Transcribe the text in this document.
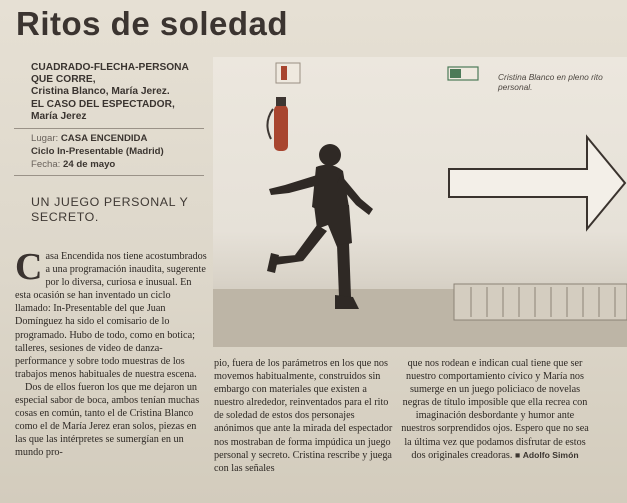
Ritos de soledad
CUADRADO-FLECHA-PERSONA
QUE CORRE,
Cristina Blanco, María Jerez.
EL CASO DEL ESPECTADOR,
María Jerez
Lugar: CASA ENCENDIDA
Ciclo In-Presentable (Madrid)
Fecha: 24 de mayo
UN JUEGO PERSONAL Y SECRETO.
Cristina Blanco en pleno rito personal.

Casa Encendida nos tiene acostumbrados a una programación inaudita, sugerente por lo diversa, curiosa e inusual. En esta ocasión se han inventado un ciclo llamado: In-Presentable del que Juan Domínguez ha sido el comisario de lo programado. Hubo de todo, como en botica; talleres, sesiones de video de danza-performance y sobre todo muestras de los trabajos menos habituales de nuestra escena.

Dos de ellos fueron los que me dejaron un especial sabor de boca, ambos tenían muchas cosas en común, tanto el de Cristina Blanco como el de María Jerez eran solos, piezas en las que las intérpretes se sumergían en un mundo pro-

pio, fuera de los parámetros en los que nos movemos habitualmente, construidos sin embargo con materiales que existen a nuestro alrededor, reinventados para el rito de soledad de estos dos personajes anónimos que ante la mirada del espectador nos mostraban de forma impúdica un juego personal y secreto. Cristina rescribe y juega con las señales

que nos rodean e indican cual tiene que ser nuestro comportamiento cívico y María nos sumerge en un juego policiaco de novelas negras de título imposible que ella recrea con imaginación desbordante y humor ante nuestros sorprendidos ojos. Espero que no sea la última vez que podamos disfrutar de estos dos originales creadoras. ■ Adolfo Simón
